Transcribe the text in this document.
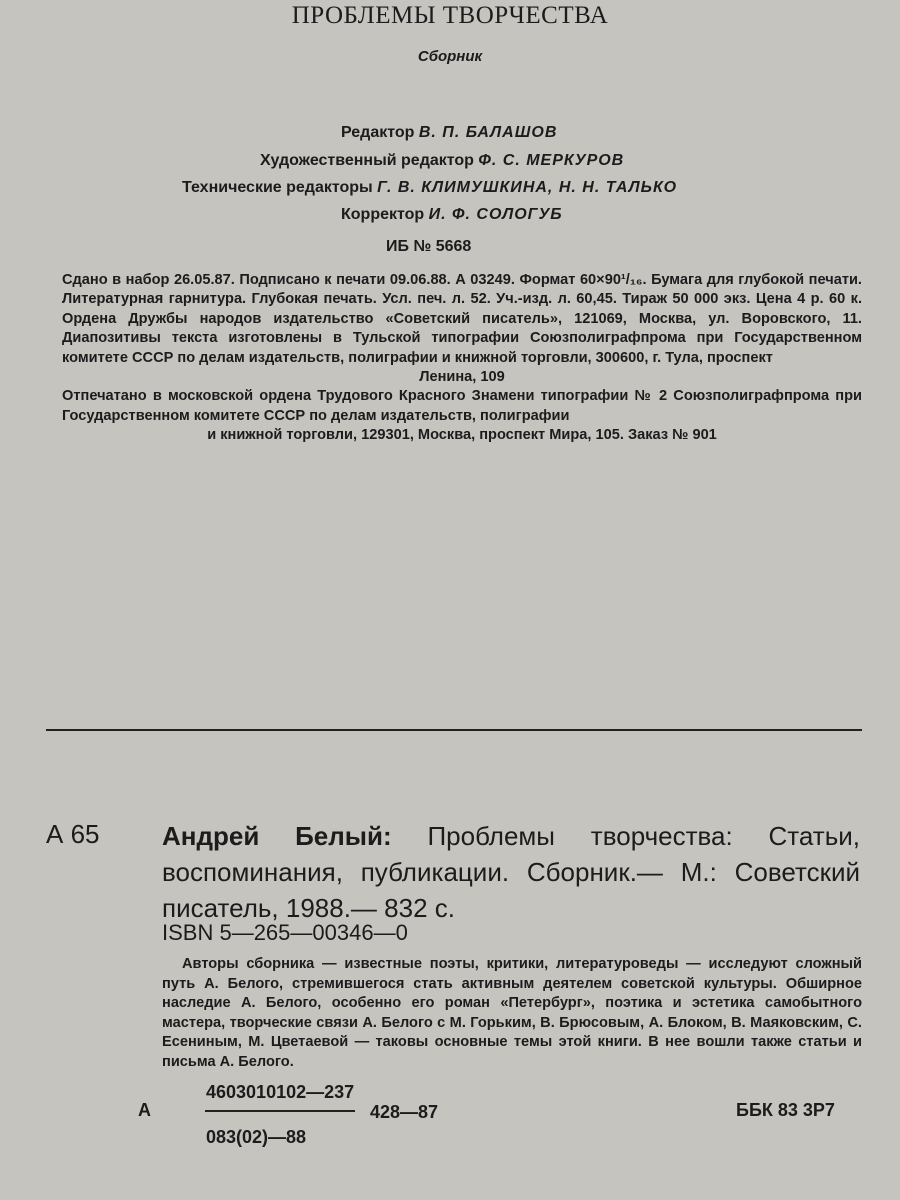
ПРОБЛЕМЫ ТВОРЧЕСТВА
Сборник
Редактор В. П. БАЛАШОВ
Художественный редактор Ф. С. МЕРКУРОВ
Технические редакторы Г. В. КЛИМУШКИНА, Н. Н. ТАЛЬКО
Корректор И. Ф. СОЛОГУБ
ИБ № 5668

Сдано в набор 26.05.87. Подписано к печати 09.06.88. А 03249. Формат 60×90¹/₁₆. Бумага для глубокой печати. Литературная гарнитура. Глубокая печать. Усл. печ. л. 52. Уч.-изд. л. 60,45. Тираж 50 000 экз. Цена 4 р. 60 к. Ордена Дружбы народов издательство «Советский писатель», 121069, Москва, ул. Воровского, 11. Диапозитивы текста изготовлены в Тульской типографии Союзполиграфпрома при Государственном комитете СССР по делам издательств, полиграфии и книжной торговли, 300600, г. Тула, проспект

Ленина, 109

Отпечатано в московской ордена Трудового Красного Знамени типографии № 2 Союзполиграфпрома при Государственном комитете СССР по делам издательств, полиграфии

и книжной торговли, 129301, Москва, проспект Мира, 105. Заказ № 901

А 65 Андрей Белый: Проблемы творчества: Статьи, воспоминания, публикации. Сборник.— М.: Советский писатель, 1988.— 832 с.
ISBN 5—265—00346—0

Авторы сборника — известные поэты, критики, литературоведы — исследуют сложный путь А. Белого, стремившегося стать активным деятелем советской культуры. Обширное наследие А. Белого, особенно его роман «Петербург», поэтика и эстетика самобытного мастера, творческие связи А. Белого с М. Горьким, В. Брюсовым, А. Блоком, В. Маяковским, С. Есениным, М. Цветаевой — таковы основные темы этой книги. В нее вошли также статьи и письма А. Белого.

А
4603010102—237
083(02)—88
428—87	ББК 83 3Р7
